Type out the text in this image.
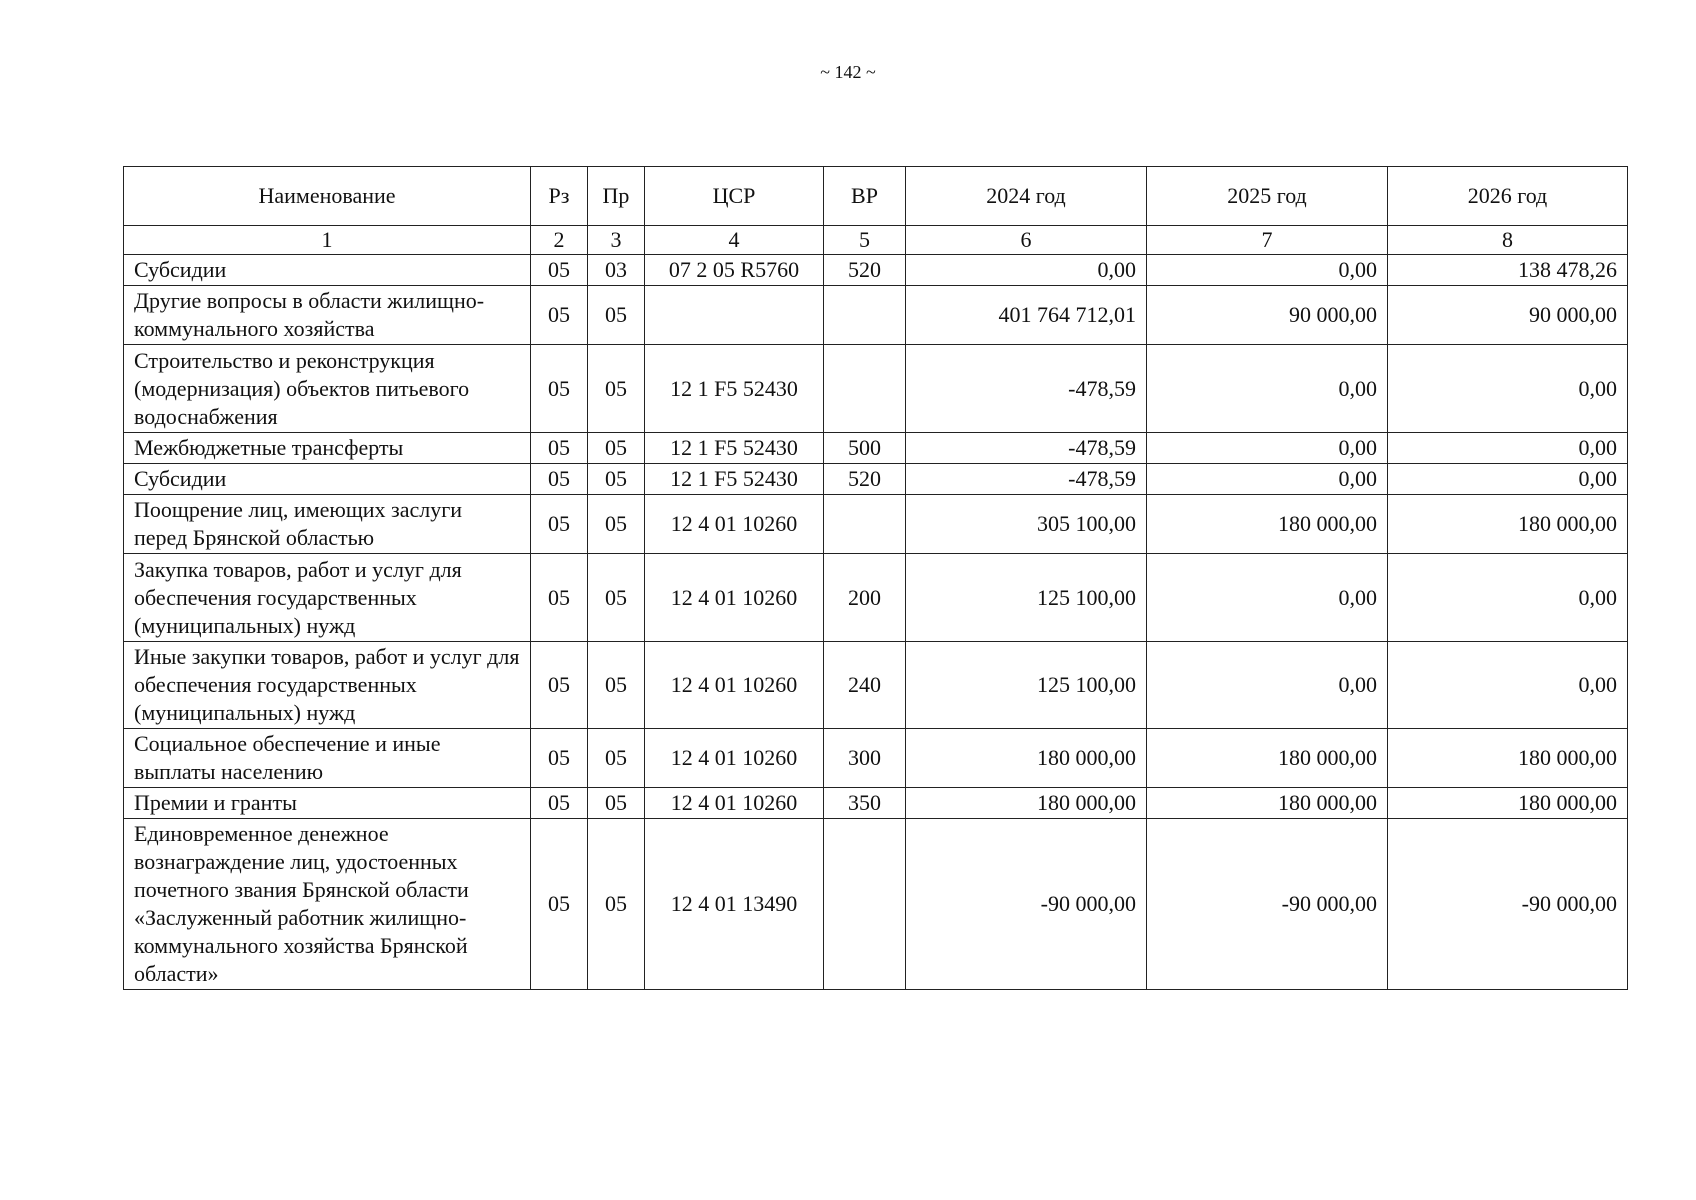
~ 142 ~
Наименование	Рз	Пр	ЦСР	ВР	2024 год	2025 год	2026 год
1	2	3	4	5	6	7	8
Субсидии	05	03	07 2 05 R5760	520	0,00	0,00	138 478,26
Другие вопросы в области жилищно-коммунального хозяйства	05	05			401 764 712,01	90 000,00	90 000,00
Строительство и реконструкция (модернизация) объектов питьевого водоснабжения	05	05	12 1 F5 52430		-478,59	0,00	0,00
Межбюджетные трансферты	05	05	12 1 F5 52430	500	-478,59	0,00	0,00
Субсидии	05	05	12 1 F5 52430	520	-478,59	0,00	0,00
Поощрение лиц, имеющих заслуги перед Брянской областью	05	05	12 4 01 10260		305 100,00	180 000,00	180 000,00
Закупка товаров, работ и услуг для обеспечения государственных (муниципальных) нужд	05	05	12 4 01 10260	200	125 100,00	0,00	0,00
Иные закупки товаров, работ и услуг для обеспечения государственных (муниципальных) нужд	05	05	12 4 01 10260	240	125 100,00	0,00	0,00
Социальное обеспечение и иные выплаты населению	05	05	12 4 01 10260	300	180 000,00	180 000,00	180 000,00
Премии и гранты	05	05	12 4 01 10260	350	180 000,00	180 000,00	180 000,00
Единовременное денежное вознаграждение лиц, удостоенных почетного звания Брянской области «Заслуженный работник жилищно-коммунального хозяйства Брянской области»	05	05	12 4 01 13490		-90 000,00	-90 000,00	-90 000,00
